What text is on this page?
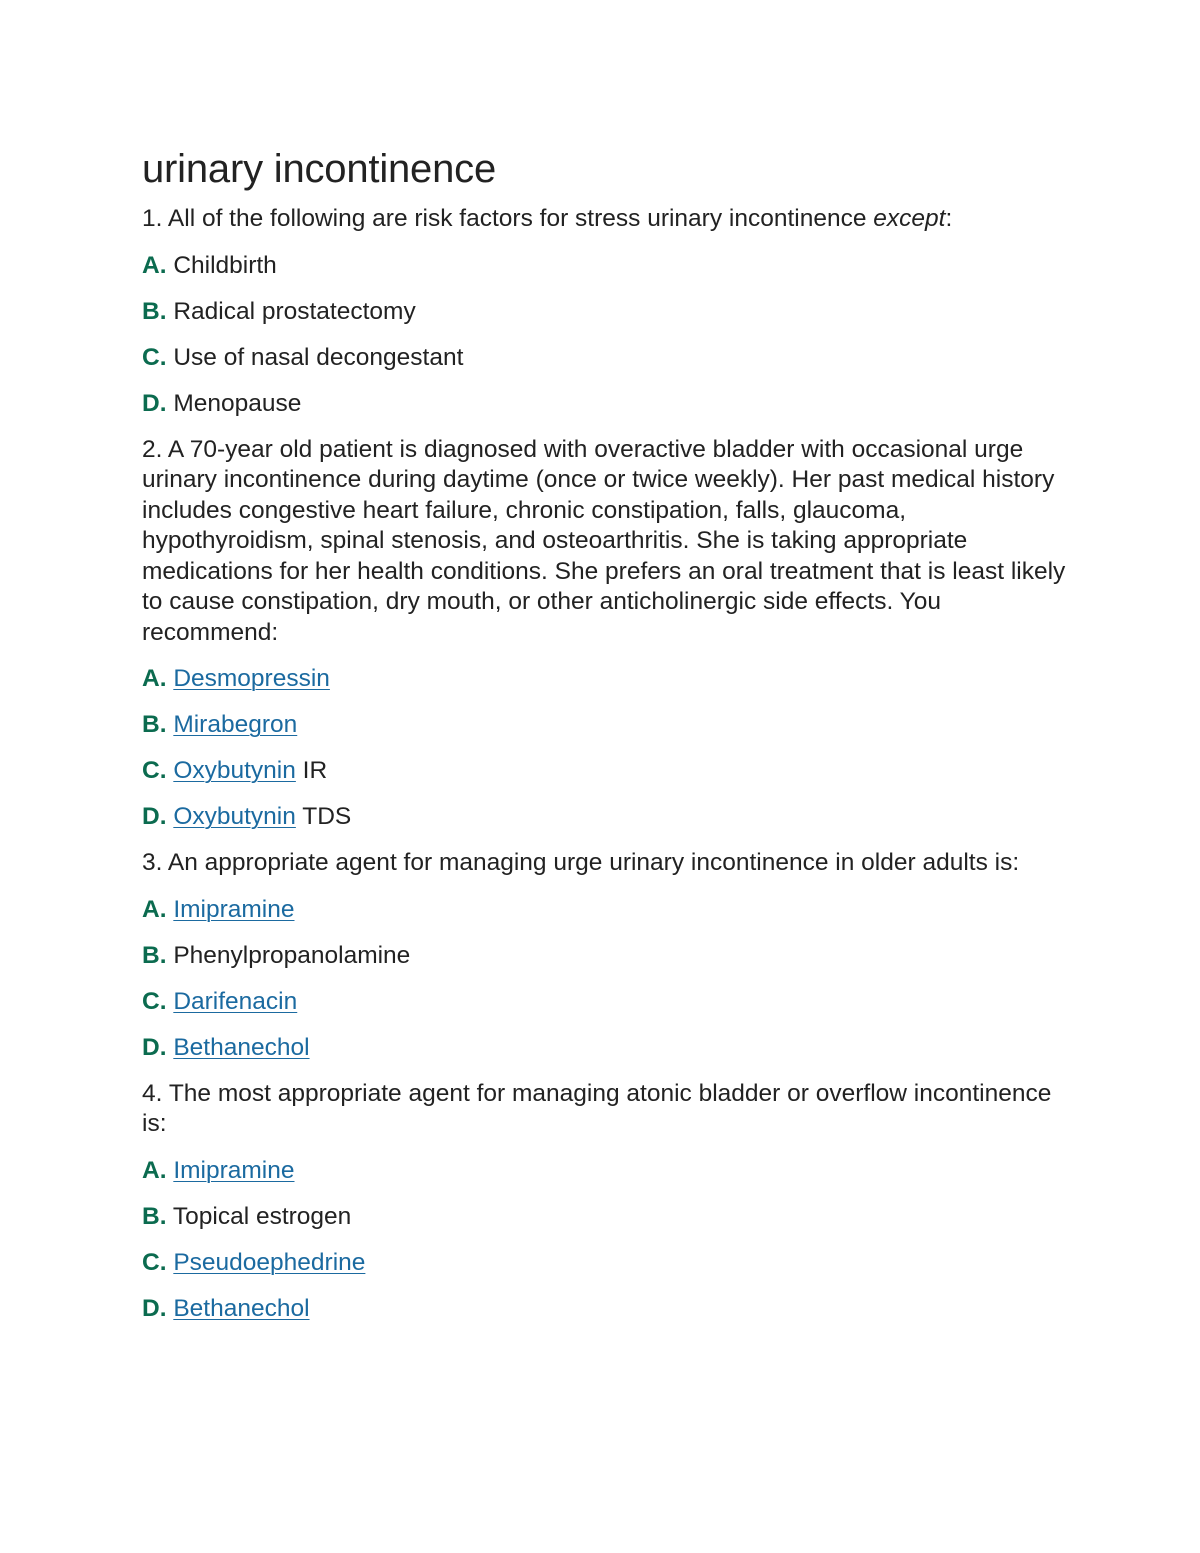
urinary incontinence

1. All of the following are risk factors for stress urinary incontinence except:

A. Childbirth

B. Radical prostatectomy

C. Use of nasal decongestant

D. Menopause

2. A 70-year old patient is diagnosed with overactive bladder with occasional urge urinary incontinence during daytime (once or twice weekly). Her past medical history includes congestive heart failure, chronic constipation, falls, glaucoma, hypothyroidism, spinal stenosis, and osteoarthritis. She is taking appropriate medications for her health conditions. She prefers an oral treatment that is least likely to cause constipation, dry mouth, or other anticholinergic side effects. You recommend:

A. Desmopressin

B. Mirabegron

C. Oxybutynin IR

D. Oxybutynin TDS

3. An appropriate agent for managing urge urinary incontinence in older adults is:

A. Imipramine

B. Phenylpropanolamine

C. Darifenacin

D. Bethanechol

4. The most appropriate agent for managing atonic bladder or overflow incontinence is:

A. Imipramine

B. Topical estrogen

C. Pseudoephedrine

D. Bethanechol
